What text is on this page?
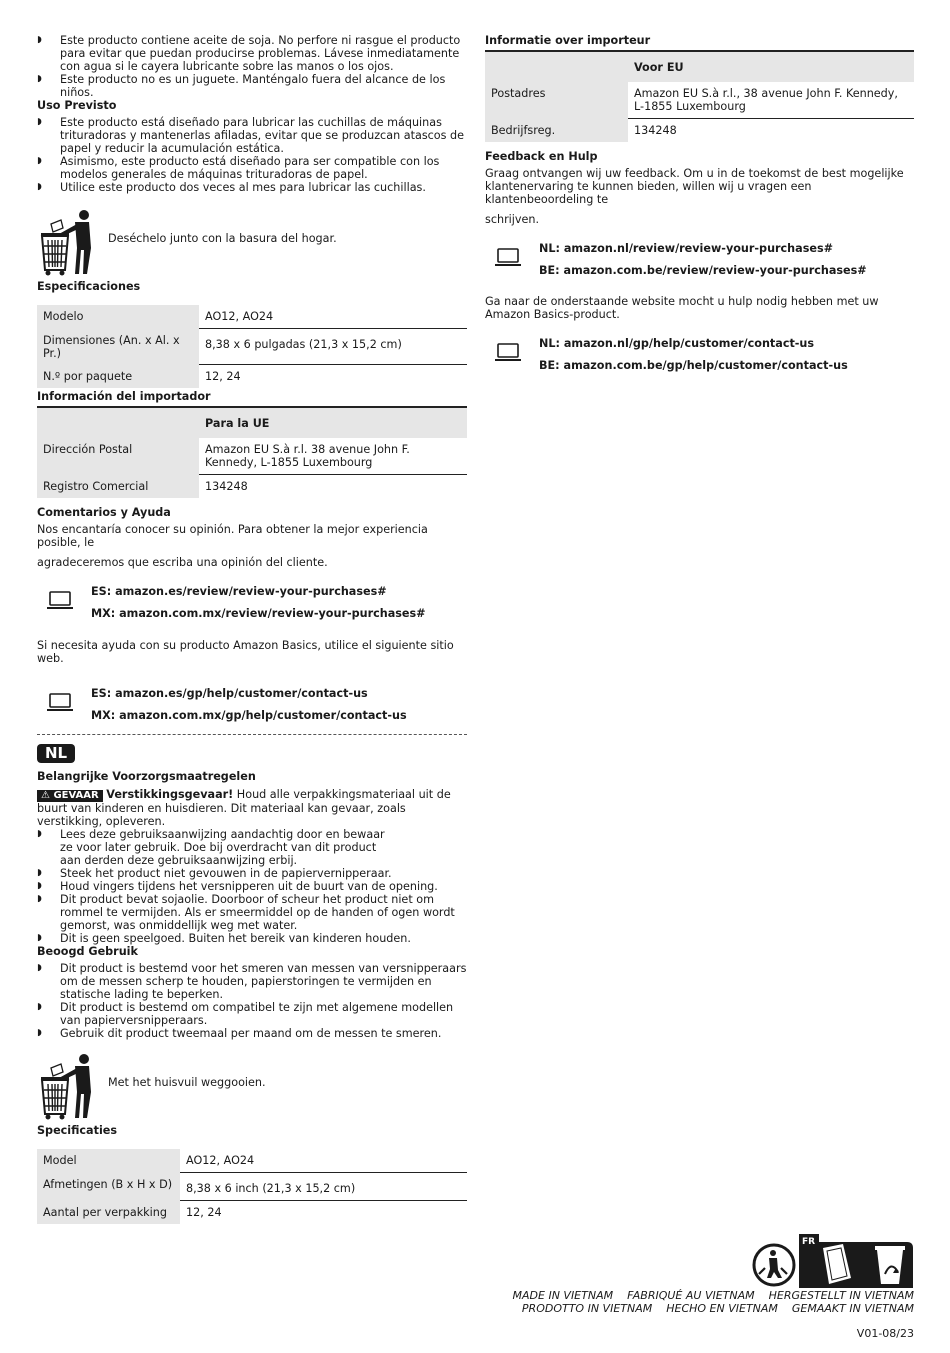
◗ Este producto contiene aceite de soja. No perfore ni rasgue el producto para evitar que puedan producirse problemas. Lávese inmediatamente con agua si le cayera lubricante sobre las manos o los ojos.
◗ Este producto no es un juguete. Manténgalo fuera del alcance de los niños.

Uso Previsto

◗ Este producto está diseñado para lubricar las cuchillas de máquinas trituradoras y mantenerlas afiladas, evitar que se produzcan atascos de papel y reducir la acumulación estática.
◗ Asimismo, este producto está diseñado para ser compatible con los modelos generales de máquinas trituradoras de papel.
◗ Utilice este producto dos veces al mes para lubricar las cuchillas.
Deséchelo junto con la basura del hogar.

Especificaciones

Modelo	AO12, AO24
Dimensiones (An. x Al. x Pr.)	8,38 x 6 pulgadas (21,3 x 15,2 cm)
N.º por paquete	12, 24

Información del importador

	Para la UE
Dirección Postal	Amazon EU S.à r.l. 38 avenue John F. Kennedy, L-1855 Luxembourg
Registro Comercial	134248

Comentarios y Ayuda

Nos encantaría conocer su opinión. Para obtener la mejor experiencia posible, le
agradeceremos que escriba una opinión del cliente.
ES: amazon.es/review/review-your-purchases#
MX: amazon.com.mx/review/review-your-purchases#
Si necesita ayuda con su producto Amazon Basics, utilice el siguiente sitio web.
ES: amazon.es/gp/help/customer/contact-us
MX: amazon.com.mx/gp/help/customer/contact-us
NL

Belangrijke Voorzorgsmaatregelen

⚠ GEVAAR Verstikkingsgevaar! Houd alle verpakkingsmateriaal uit de buurt van kinderen en huisdieren. Dit materiaal kan gevaar, zoals verstikking, opleveren.
◗ Lees deze gebruiksaanwijzing aandachtig door en bewaar ze voor later gebruik. Doe bij overdracht van dit product aan derden deze gebruiksaanwijzing erbij.
◗ Steek het product niet gevouwen in de papiervernipperaar.
◗ Houd vingers tijdens het versnipperen uit de buurt van de opening.
◗ Dit product bevat sojaolie. Doorboor of scheur het product niet om rommel te vermijden. Als er smeermiddel op de handen of ogen wordt gemorst, was onmiddellijk weg met water.
◗ Dit is geen speelgoed. Buiten het bereik van kinderen houden.

Beoogd Gebruik

◗ Dit product is bestemd voor het smeren van messen van versnipperaars om de messen scherp te houden, papierstoringen te vermijden en statische lading te beperken.
◗ Dit product is bestemd om compatibel te zijn met algemene modellen van papierversnipperaars.
◗ Gebruik dit product tweemaal per maand om de messen te smeren.
Met het huisvuil weggooien.

Specificaties

Model	AO12, AO24
Afmetingen (B x H x D)	8,38 x 6 inch (21,3 x 15,2 cm)
Aantal per verpakking	12, 24

Informatie over importeur

	Voor EU
Postadres	Amazon EU S.à r.l., 38 avenue John F. Kennedy, L-1855 Luxembourg
Bedrijfsreg.	134248

Feedback en Hulp

Graag ontvangen wij uw feedback. Om u in de toekomst de best mogelijke klantenervaring te kunnen bieden, willen wij u vragen een klantenbeoordeling te
schrijven.
NL: amazon.nl/review/review-your-purchases#
BE: amazon.com.be/review/review-your-purchases#
Ga naar de onderstaande website mocht u hulp nodig hebben met uw Amazon Basics-product.
NL: amazon.nl/gp/help/customer/contact-us
BE: amazon.com.be/gp/help/customer/contact-us
FR
MADE IN VIETNAM    FABRIQUÉ AU VIETNAM    HERGESTELLT IN VIETNAM
PRODOTTO IN VIETNAM    HECHO EN VIETNAM    GEMAAKT IN VIETNAM
V01-08/23
